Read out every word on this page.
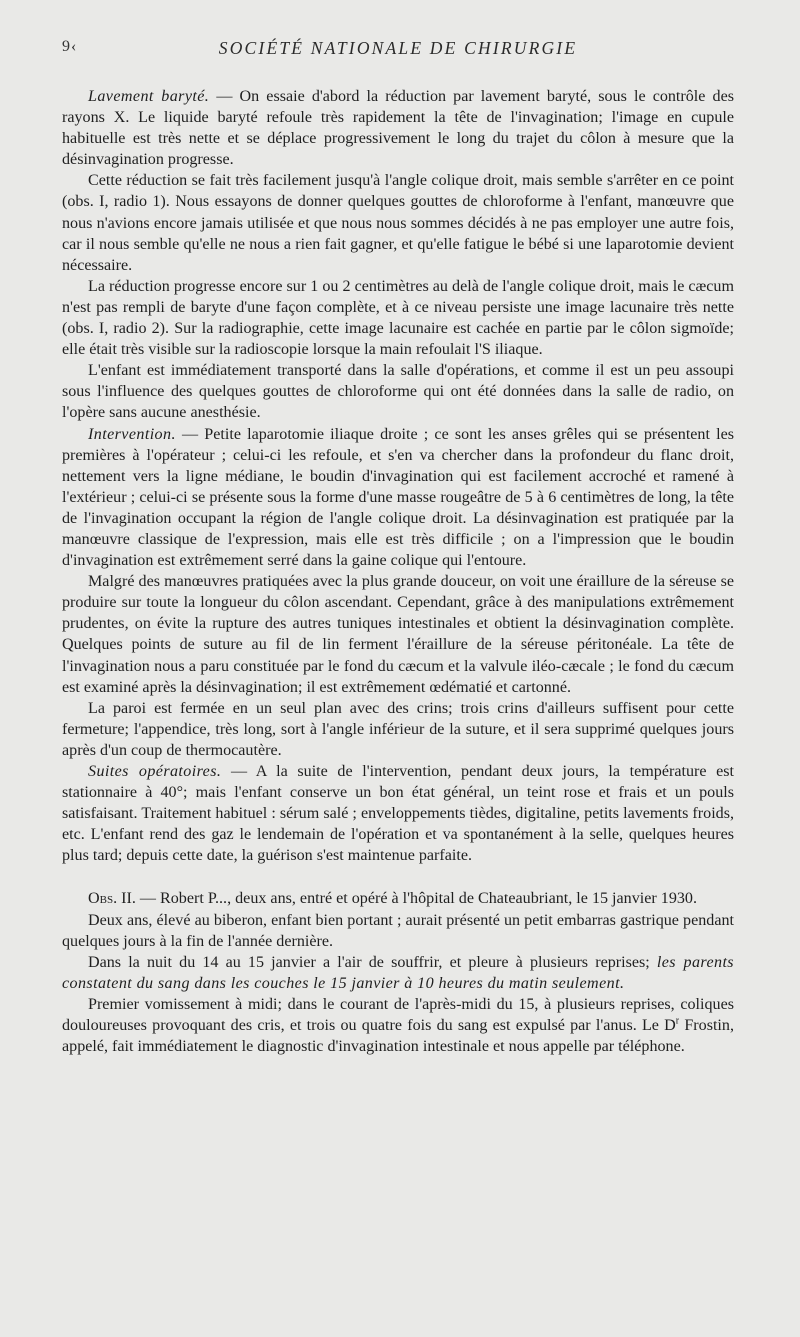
9‹	SOCIÉTÉ NATIONALE DE CHIRURGIE

Lavement baryté. — On essaie d'abord la réduction par lavement baryté, sous le contrôle des rayons X. Le liquide baryté refoule très rapidement la tête de l'invagination; l'image en cupule habituelle est très nette et se déplace progressivement le long du trajet du côlon à mesure que la désinvagination progresse.

Cette réduction se fait très facilement jusqu'à l'angle colique droit, mais semble s'arrêter en ce point (obs. I, radio 1). Nous essayons de donner quelques gouttes de chloroforme à l'enfant, manœuvre que nous n'avions encore jamais utilisée et que nous nous sommes décidés à ne pas employer une autre fois, car il nous semble qu'elle ne nous a rien fait gagner, et qu'elle fatigue le bébé si une laparotomie devient nécessaire.

La réduction progresse encore sur 1 ou 2 centimètres au delà de l'angle colique droit, mais le cæcum n'est pas rempli de baryte d'une façon complète, et à ce niveau persiste une image lacunaire très nette (obs. I, radio 2). Sur la radiographie, cette image lacunaire est cachée en partie par le côlon sigmoïde; elle était très visible sur la radioscopie lorsque la main refoulait l'S iliaque.

L'enfant est immédiatement transporté dans la salle d'opérations, et comme il est un peu assoupi sous l'influence des quelques gouttes de chloroforme qui ont été données dans la salle de radio, on l'opère sans aucune anesthésie.

Intervention. — Petite laparotomie iliaque droite ; ce sont les anses grêles qui se présentent les premières à l'opérateur ; celui-ci les refoule, et s'en va chercher dans la profondeur du flanc droit, nettement vers la ligne médiane, le boudin d'invagination qui est facilement accroché et ramené à l'extérieur ; celui-ci se présente sous la forme d'une masse rougeâtre de 5 à 6 centimètres de long, la tête de l'invagination occupant la région de l'angle colique droit. La désinvagination est pratiquée par la manœuvre classique de l'expression, mais elle est très difficile ; on a l'impression que le boudin d'invagination est extrêmement serré dans la gaine colique qui l'entoure.

Malgré des manœuvres pratiquées avec la plus grande douceur, on voit une éraillure de la séreuse se produire sur toute la longueur du côlon ascendant. Cependant, grâce à des manipulations extrêmement prudentes, on évite la rupture des autres tuniques intestinales et obtient la désinvagination complète. Quelques points de suture au fil de lin ferment l'éraillure de la séreuse péritonéale. La tête de l'invagination nous a paru constituée par le fond du cæcum et la valvule iléo-cæcale ; le fond du cæcum est examiné après la désinvagination; il est extrêmement œdématié et cartonné.

La paroi est fermée en un seul plan avec des crins; trois crins d'ailleurs suffisent pour cette fermeture; l'appendice, très long, sort à l'angle inférieur de la suture, et il sera supprimé quelques jours après d'un coup de thermocautère.

Suites opératoires. — A la suite de l'intervention, pendant deux jours, la température est stationnaire à 40°; mais l'enfant conserve un bon état général, un teint rose et frais et un pouls satisfaisant. Traitement habituel : sérum salé ; enveloppements tièdes, digitaline, petits lavements froids, etc. L'enfant rend des gaz le lendemain de l'opération et va spontanément à la selle, quelques heures plus tard; depuis cette date, la guérison s'est maintenue parfaite.

Obs. II. — Robert P..., deux ans, entré et opéré à l'hôpital de Chateaubriant, le 15 janvier 1930.

Deux ans, élevé au biberon, enfant bien portant ; aurait présenté un petit embarras gastrique pendant quelques jours à la fin de l'année dernière.

Dans la nuit du 14 au 15 janvier a l'air de souffrir, et pleure à plusieurs reprises; les parents constatent du sang dans les couches le 15 janvier à 10 heures du matin seulement.

Premier vomissement à midi; dans le courant de l'après-midi du 15, à plusieurs reprises, coliques douloureuses provoquant des cris, et trois ou quatre fois du sang est expulsé par l'anus. Le $D^r$ Frostin, appelé, fait immédiatement le diagnostic d'invagination intestinale et nous appelle par téléphone.
